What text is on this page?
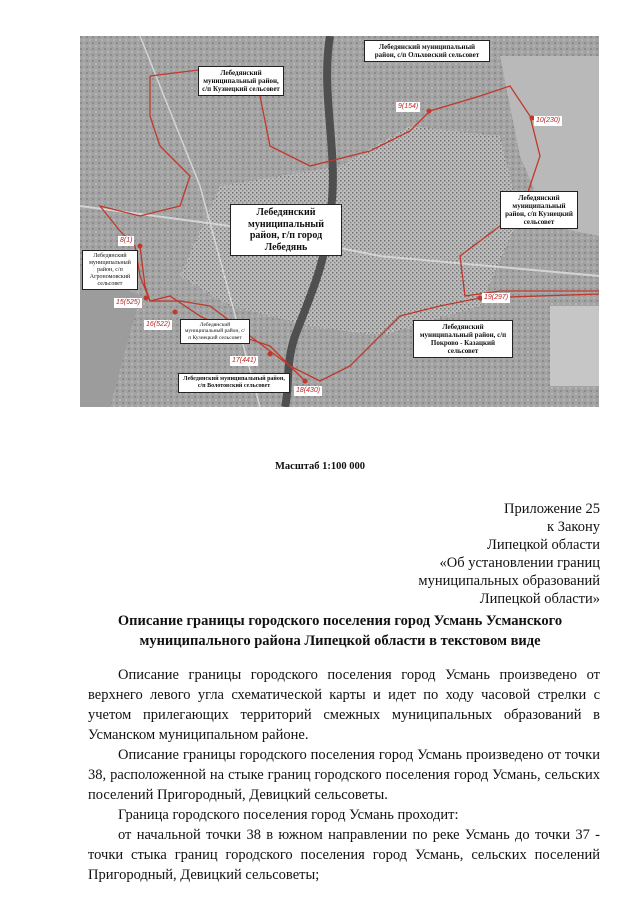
Лебедянский муниципальный район, с/п Кузнецкий сельсовет
Лебедянский муниципальный район, с/п Ольховский сельсовет
Лебедянский муниципальный район, с/п Кузнецкий сельсовет
Лебедянский муниципальный район, г/п город Лебедянь
Лебедянский муниципальный район, с/п Агрономовский сельсовет
Лебедянский муниципальный район, с/п Кузнецкий сельсовет
Лебедянский муниципальный район, с/п Покрово - Казацкий сельсовет
Лебедянский муниципальный район, с/п Волотовский сельсовет
8(1)
9(154)
10(230)
15(525)
16(522)
17(441)
18(430)
19(297)
Масштаб 1:100 000
Приложение 25
к Закону
Липецкой области
«Об установлении границ
муниципальных образований
Липецкой области»
Описание границы городского поселения город Усмань Усманского муниципального района Липецкой области в текстовом виде

Описание границы городского поселения город Усмань произведено от верхнего левого угла схематической карты и идет по ходу часовой стрелки с учетом прилегающих территорий смежных муниципальных образований в Усманском муниципальном районе.

Описание границы городского поселения город Усмань произведено от точки 38, расположенной на стыке границ городского поселения город Усмань, сельских поселений Пригородный, Девицкий сельсоветы.

Граница городского поселения город Усмань проходит:

от начальной точки 38 в южном направлении по реке Усмань до точки 37 - точки стыка границ городского поселения город Усмань, сельских поселений Пригородный, Девицкий сельсоветы;
